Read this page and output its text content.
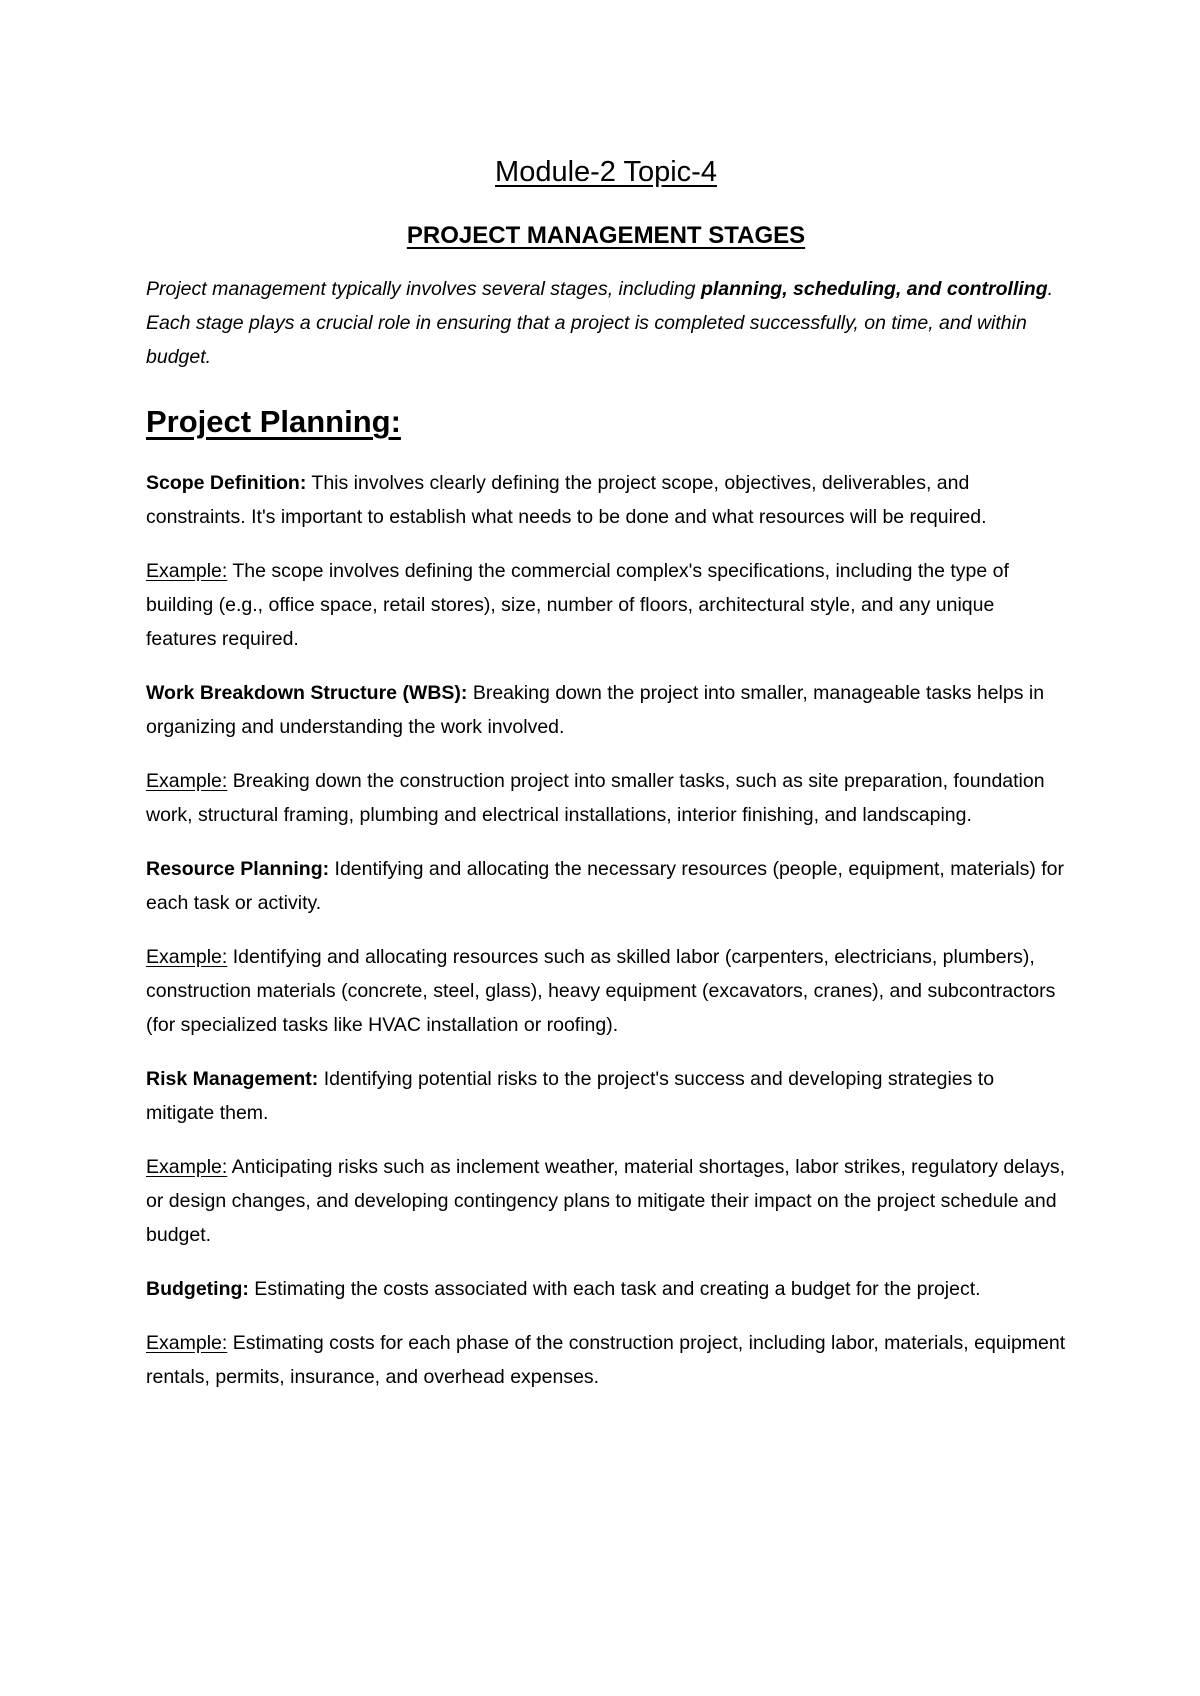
Module-2 Topic-4
PROJECT MANAGEMENT STAGES

Project management typically involves several stages, including planning, scheduling, and controlling. Each stage plays a crucial role in ensuring that a project is completed successfully, on time, and within budget.

Project Planning:

Scope Definition: This involves clearly defining the project scope, objectives, deliverables, and constraints. It's important to establish what needs to be done and what resources will be required.

Example: The scope involves defining the commercial complex's specifications, including the type of building (e.g., office space, retail stores), size, number of floors, architectural style, and any unique features required.

Work Breakdown Structure (WBS): Breaking down the project into smaller, manageable tasks helps in organizing and understanding the work involved.

Example: Breaking down the construction project into smaller tasks, such as site preparation, foundation work, structural framing, plumbing and electrical installations, interior finishing, and landscaping.

Resource Planning: Identifying and allocating the necessary resources (people, equipment, materials) for each task or activity.

Example: Identifying and allocating resources such as skilled labor (carpenters, electricians, plumbers), construction materials (concrete, steel, glass), heavy equipment (excavators, cranes), and subcontractors (for specialized tasks like HVAC installation or roofing).

Risk Management: Identifying potential risks to the project's success and developing strategies to mitigate them.

Example: Anticipating risks such as inclement weather, material shortages, labor strikes, regulatory delays, or design changes, and developing contingency plans to mitigate their impact on the project schedule and budget.

Budgeting: Estimating the costs associated with each task and creating a budget for the project.

Example: Estimating costs for each phase of the construction project, including labor, materials, equipment rentals, permits, insurance, and overhead expenses.
